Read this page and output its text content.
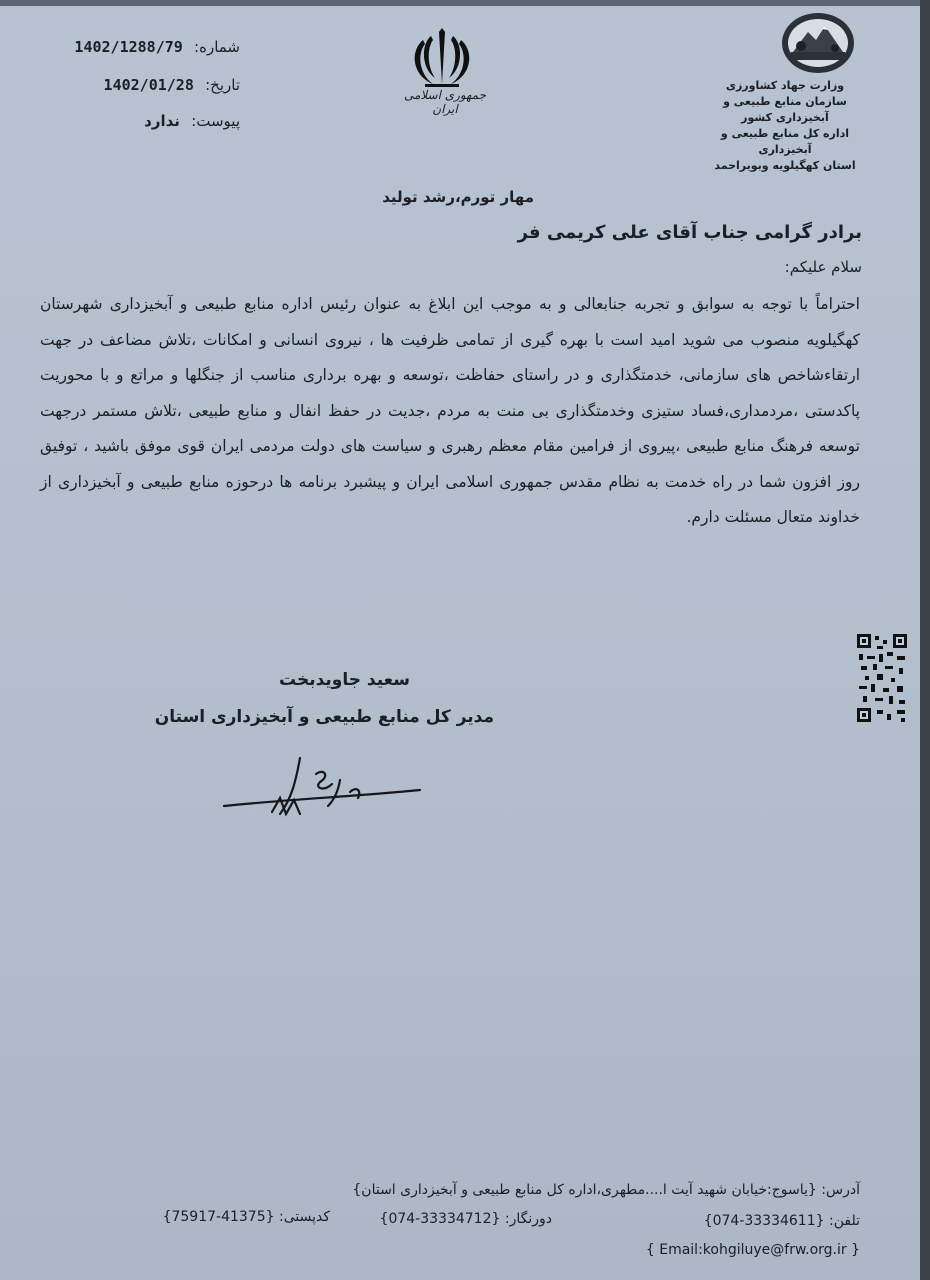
شماره: 1402/1288/79
تاریخ: 1402/01/28
پیوست: ندارد
جمهوری اسلامی ایران
وزارت جهاد کشاورزی
سازمان منابع طبیعی و آبخیزداری کشور
اداره کل منابع طبیعی و آبخیزداری
استان کهگیلویه وبویراحمد
مهار تورم،رشد تولید
برادر گرامی جناب آقای علی کریمی فر
سلام علیکم:
احتراماً با توجه به سوابق و تجربه جنابعالی و به موجب این ابلاغ به عنوان رئیس اداره منابع طبیعی و آبخیزداری شهرستان کهگیلویه منصوب می شوید امید است با بهره گیری از تمامی ظرفیت ها ، نیروی انسانی و امکانات ،تلاش مضاعف در جهت ارتقاءشاخص های سازمانی، خدمتگذاری و در راستای حفاظت ،توسعه و بهره برداری مناسب از جنگلها و مراتع و با محوریت پاکدستی ،مردمداری،فساد ستیزی وخدمتگذاری بی منت به مردم ،جدیت در حفظ انفال و منابع طبیعی ،تلاش مستمر درجهت توسعه فرهنگ منابع طبیعی ،پیروی از فرامین مقام معظم رهبری و سیاست های دولت مردمی ایران قوی موفق باشید ، توفیق روز افزون شما در راه خدمت به نظام مقدس جمهوری اسلامی ایران و پیشبرد برنامه ها درحوزه منابع طبیعی و آبخیزداری از خداوند متعال مسئلت دارم.
سعید جاویدبخت
مدیر کل منابع طبیعی و آبخیزداری استان
آدرس: {یاسوج:خیابان شهید آیت ا....مطهری،اداره کل منابع طبیعی و آبخیزداری استان}
تلفن: {074-33334611}
دورنگار: {074-33334712}
کدپستی: {75917-41375}
{ Email:kohgiluye@frw.org.ir }
